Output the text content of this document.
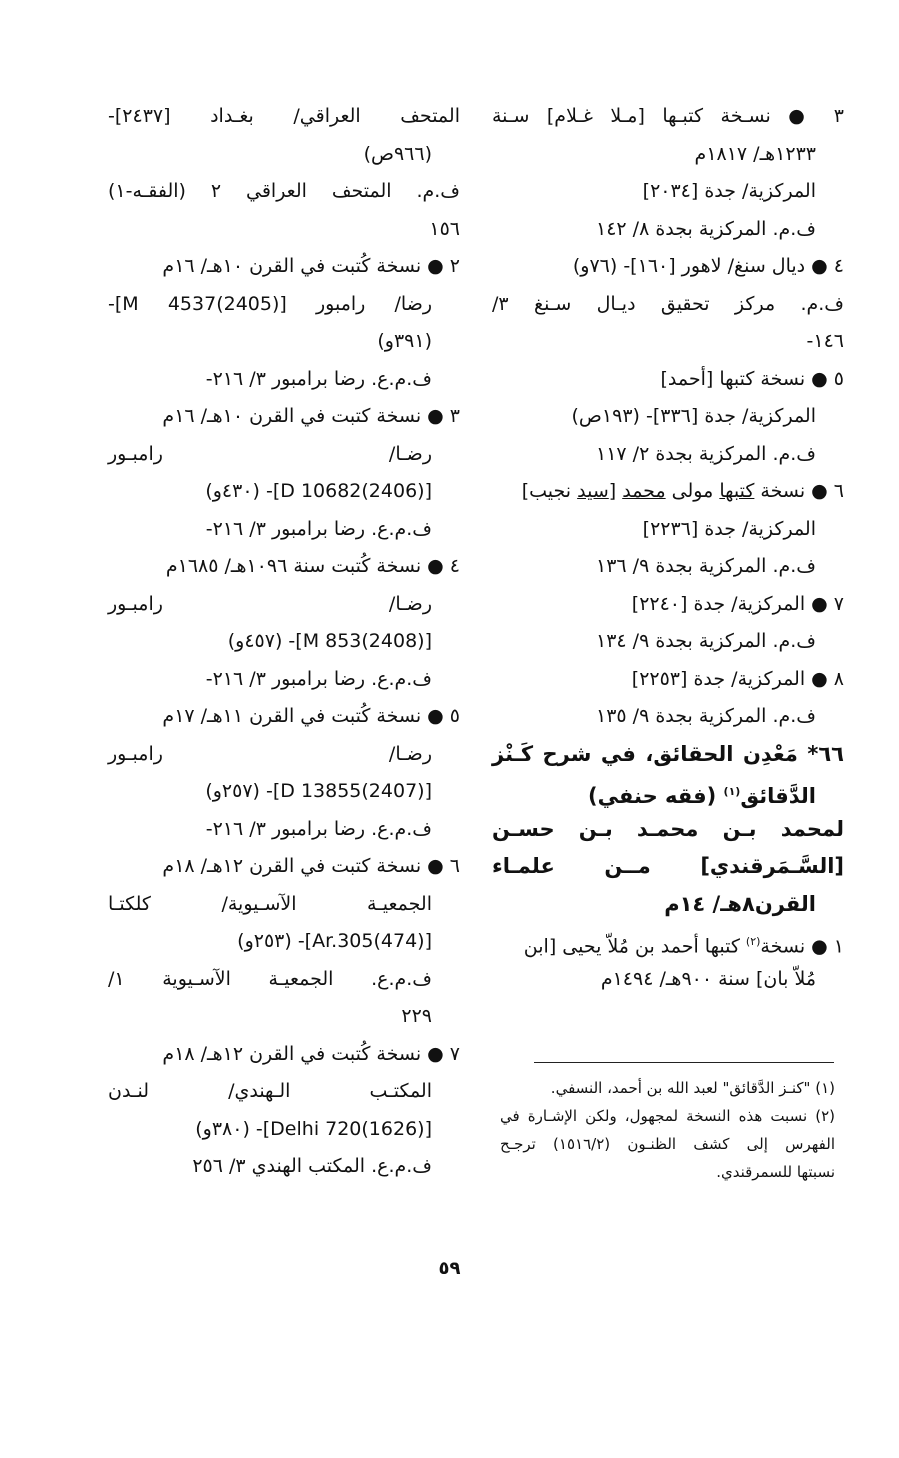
٣ ● نسـخة كتبـها [مـلا غـلام] سـنة
١٢٣٣هـ/ ١٨١٧م
المركزية/ جدة [٢٠٣٤]
ف.م. المركزية بجدة ٨/ ١٤٢
٤ ● ديال سنغ/ لاهور [١٦٠]- (٧٦و)
ف.م. مركز تحقيق ديـال سـنغ ٣/
١٤٦-
٥ ● نسخة كتبها [أحمد]
المركزية/ جدة [٣٣٦]- (١٩٣ص)
ف.م. المركزية بجدة ٢/ ١١٧
٦ ● نسخة كتبها مولى محمد [سيد نجيب]
المركزية/ جدة [٢٢٣٦]
ف.م. المركزية بجدة ٩/ ١٣٦
٧ ● المركزية/ جدة [٢٢٤٠]
ف.م. المركزية بجدة ٩/ ١٣٤
٨ ● المركزية/ جدة [٢٢٥٣]
ف.م. المركزية بجدة ٩/ ١٣٥
٦٦* مَعْدِن الحقائق، في شرح كَـنْز
الدَّقائق$^{(١)}$ (فقه حنفي)
لمحمد بـن محمـد بـن حسـن
[السَّـمَرقندي] مــن علمـاء
القرن٨هـ/ ١٤م
١ ● نسخة$^{(٢)}$ كتبها أحمد بن مُلاّ يحيى [ابن
مُلاّ بان] سنة ٩٠٠هـ/ ١٤٩٤م
المتحف العراقي/ بغـداد [٢٤٣٧]-
(٩٦٦ص)
ف.م. المتحف العراقي ٢ (الفقـه-١)
١٥٦
٢ ● نسخة كُتبت في القرن ١٠هـ/ ١٦م
رضا/ رامبور [M 4537(2405)]-
(٣٩١و)
ف.م.ع. رضا برامبور ٣/ ٢١٦-
٣ ● نسخة كتبت في القرن ١٠هـ/ ١٦م
رضـا/ رامبـور
[D 10682(2406)]- (٤٣٠و)
ف.م.ع. رضا برامبور ٣/ ٢١٦-
٤ ● نسخة كُتبت سنة ١٠٩٦هـ/ ١٦٨٥م
رضـا/ رامبـور
[M 853(2408)]- (٤٥٧و)
ف.م.ع. رضا برامبور ٣/ ٢١٦-
٥ ● نسخة كُتبت في القرن ١١هـ/ ١٧م
رضـا/ رامبـور
[D 13855(2407)]- (٢٥٧و)
ف.م.ع. رضا برامبور ٣/ ٢١٦-
٦ ● نسخة كتبت في القرن ١٢هـ/ ١٨م
الجمعيـة الآسـيوية/ كلكتـا
[Ar.305(474)]- (٢٥٣و)
ف.م.ع. الجمعيـة الآسـيوية ١/
٢٢٩
٧ ● نسخة كُتبت في القرن ١٢هـ/ ١٨م
المكتـب الـهندي/ لنـدن
[Delhi 720(1626)]- (٣٨٠و)
ف.م.ع. المكتب الهندي ٣/ ٢٥٦
(١) "كنـز الدَّقائق" لعبد الله بن أحمد، النسفي.
(٢) نسبت هذه النسخة لمجهول، ولكن الإشـارة في
الفهرس إلى كشف الظنـون (١٥١٦/٢) ترجـح
نسبتها للسمرقندي.
٥٩
